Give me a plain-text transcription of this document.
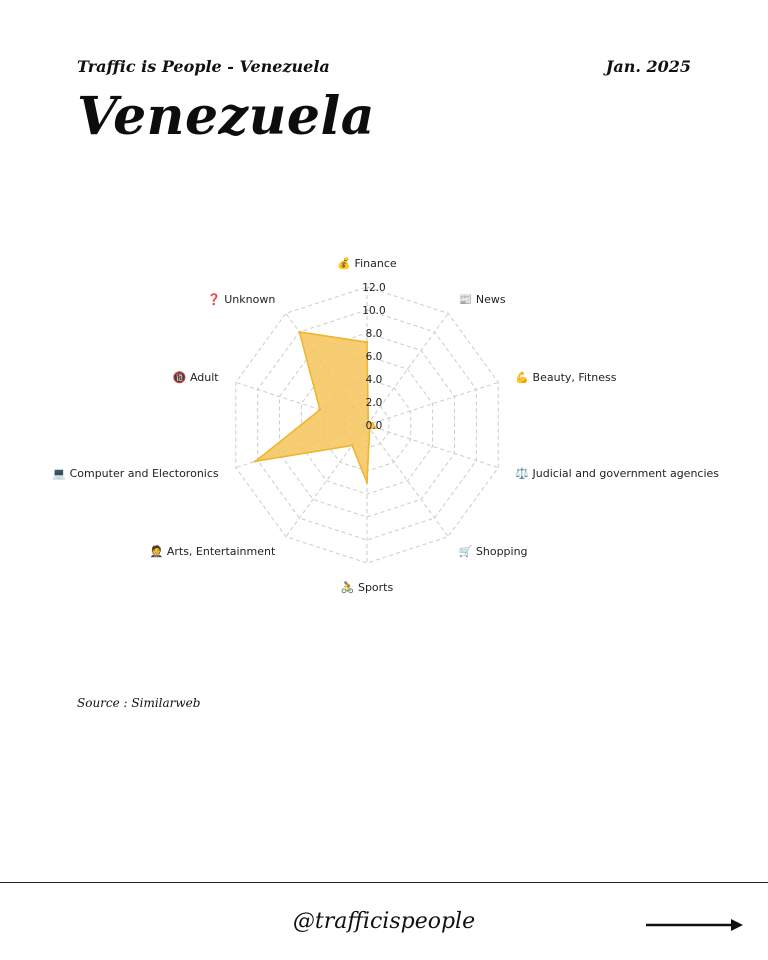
Traffic is People - Venezuela	Jan. 2025
Venezuela
0.0
2.0
4.0
6.0
8.0
10.0
12.0
💰 Finance
📰 News
💪 Beauty, Fitness
⚖️ Judicial and government agencies
🛒 Shopping
🚴 Sports
🤵 Arts, Entertainment
💻 Computer and Electoronics
🔞 Adult
❓ Unknown
Source : Similarweb
@trafficispeople
